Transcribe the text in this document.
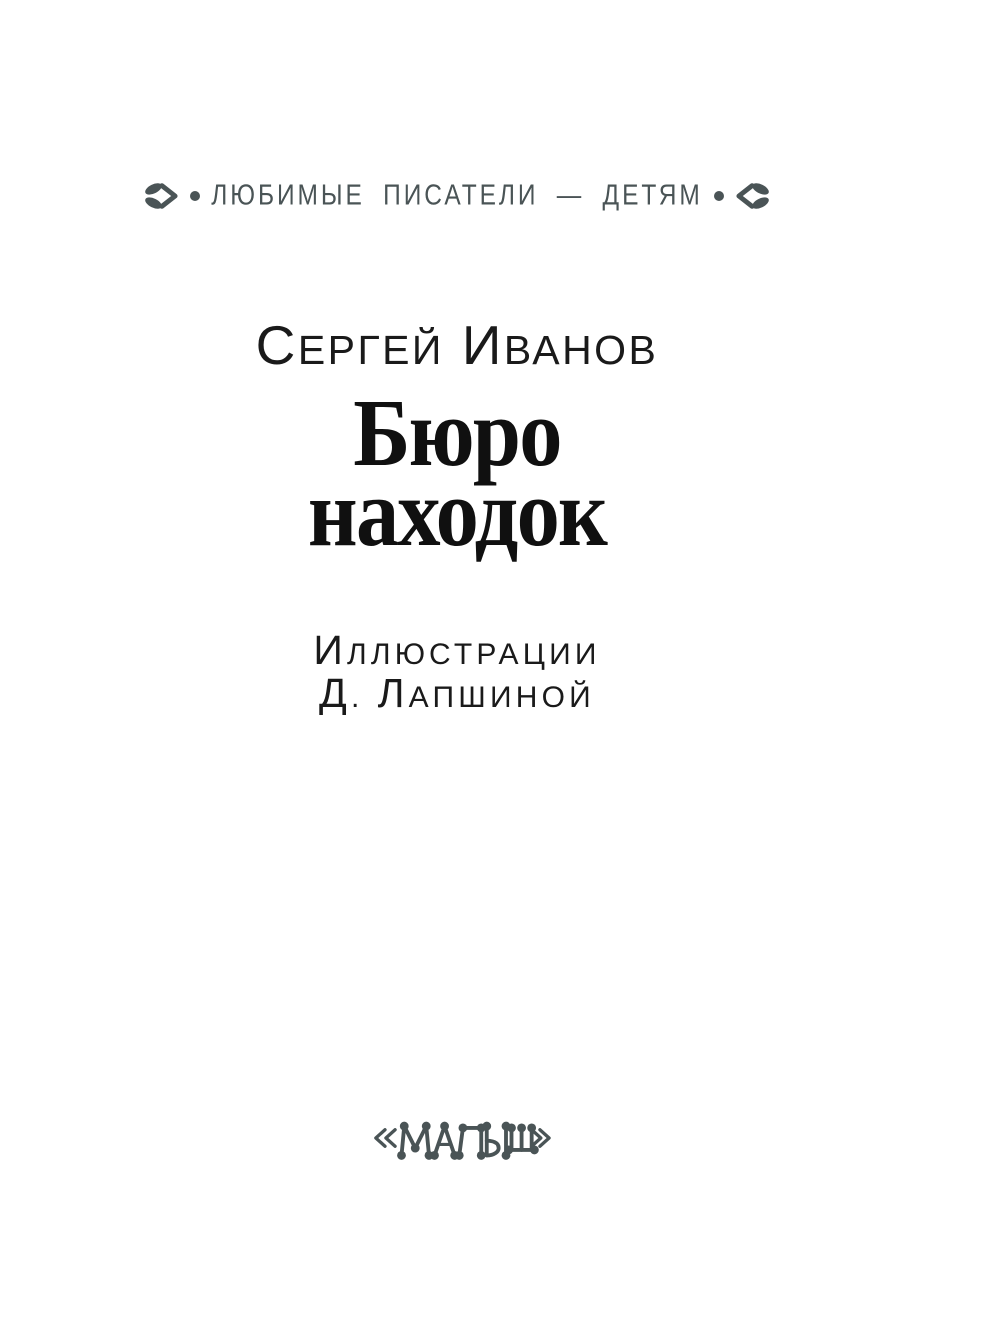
ЛЮБИМЫЕ ПИСАТЕЛИ — ДЕТЯМ
СЕРГЕЙ ИВАНОВ
Бюро
находок
ИЛЛЮСТРАЦИИ
Д. ЛАПШИНОЙ
